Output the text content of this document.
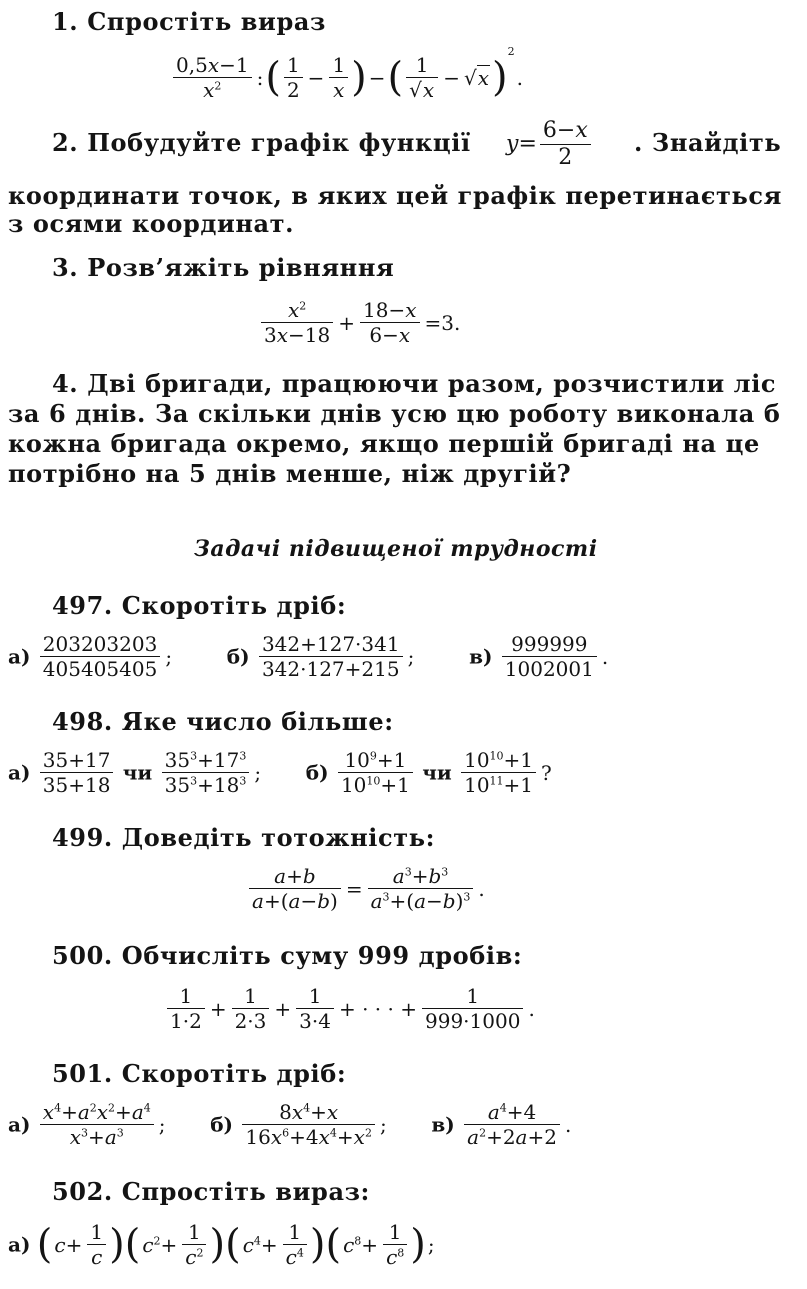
1. Спростіть вираз
$\frac{0,5x-1}{x^2}$ :( $\frac{1}{2} - \frac{1}{x}$ ) −( $\frac{1}{√x} - √x)^2$.
2. Побудуйте графік функції $y= \frac{6-x}{2}$ . Знайдіть
координати точок, в яких цей графік перетинається
з осями координат.
3. Розв’яжіть рівняння
$\frac{x^2}{3x-18} + \frac{18-x}{6-x} =3$.
4. Дві бригади, працюючи разом, розчистили ліс
за 6 днів. За скільки днів усю цю роботу виконала б
кожна бригада окремо, якщо першій бригаді на це
потрібно на 5 днів менше, ніж другій?
Задачі підвищеної трудності
497. Скоротіть дріб:
$а) \frac{203203203}{405405405}$ ;	$б) \frac{342+127\cdot 341}{342\cdot 127+215}$ ;	$в) \frac{999999}{1002001}$ .
498. Яке число більше:
$а) \frac{35+17}{35+18}$ чи $\frac{35^3+17^3}{35^3+18^3}$ ; $б) \frac{10^9+1}{10^{10}+1}$ чи $\frac{10^{10}+1}{10^{11}+1}$ ?
499. Доведіть тотожність:
$\frac{a+b}{a+(a-b)} = \frac{a^3+b^3}{a^3+(a-b)^3}$ .
500. Обчисліть суму 999 дробів:
$\frac{1}{1\cdot 2} + \frac{1}{2\cdot 3} + \frac{1}{3\cdot 4}$ + · · · + $\frac{1}{999\cdot 1000}$ .
501. Скоротіть дріб:
$а) \frac{x^4+a^2x^2+a^4}{x^3+a^3}$ ; $б) \frac{8x^4+x}{16x^6+4x^4+x^2}$ ; $в) \frac{a^4+4}{a^2+2a+2}$ .
502. Спростіть вираз:
а) ( $c+ \frac{1}{c}$ )( $c^2+ \frac{1}{c^2}$ )( $c^4+ \frac{1}{c^4}$ )( $c^8+ \frac{1}{c^8}$ ) ;
